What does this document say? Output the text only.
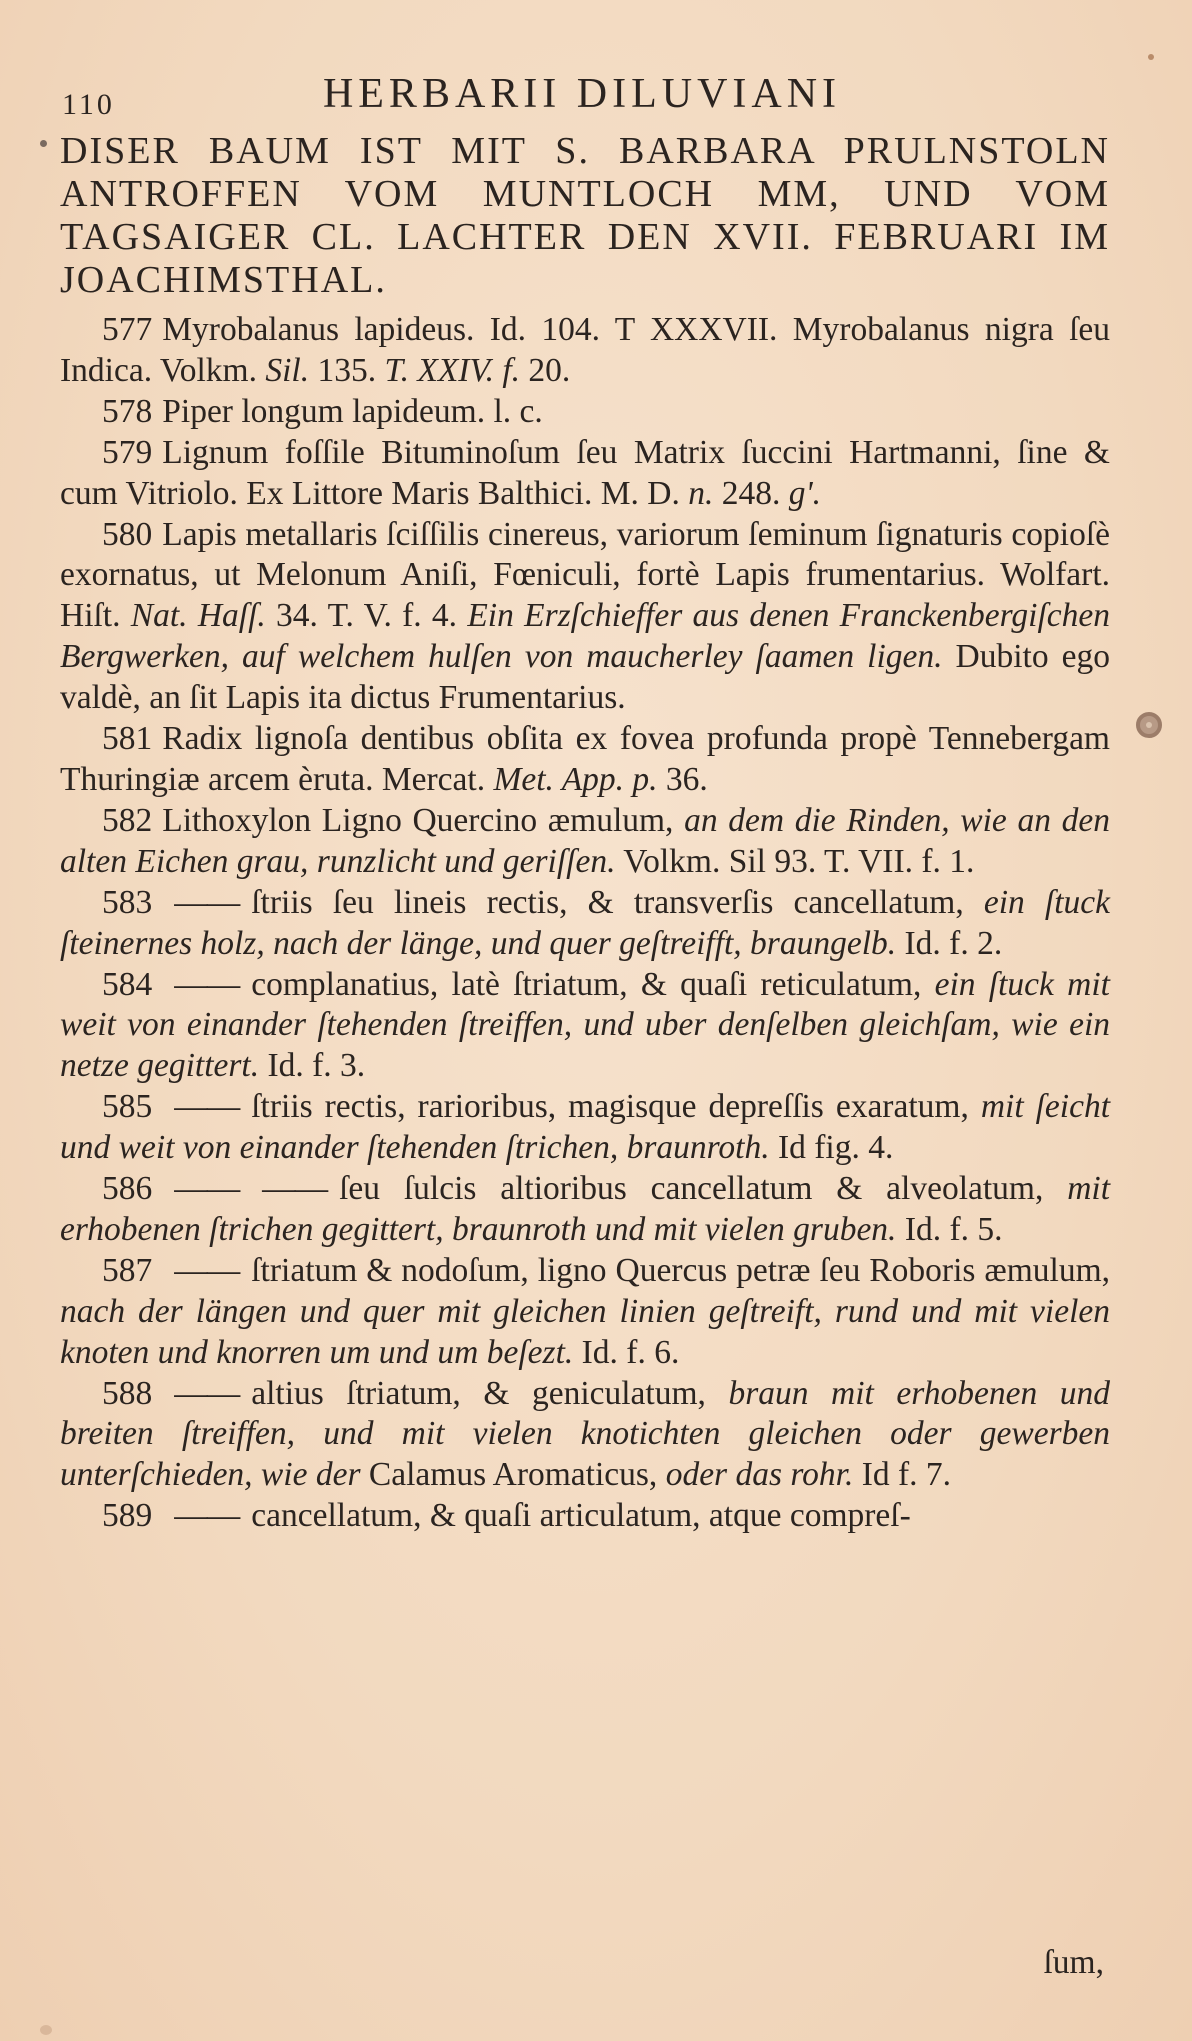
110	HERBARII DILUVIANI
DISER BAUM IST MIT S. BARBARA PRULNSTOLN ANTROFFEN VOM MUNTLOCH MM, UND VOM TAGSAIGER CL. LACHTER DEN XVII. FEBRUARI IM JOACHIMSTHAL.

577 Myrobalanus lapideus. Id. 104. T XXXVII. Myrobalanus nigra ſeu Indica. Volkm. Sil. 135. T. XXIV. f. 20.

578 Piper longum lapideum. l. c.

579 Lignum foſſile Bituminoſum ſeu Matrix ſuccini Hartmanni, ſine & cum Vitriolo. Ex Littore Maris Balthici. M. D. n. 248. g'.

580 Lapis metallaris ſciſſilis cinereus, variorum ſeminum ſignaturis copioſè exornatus, ut Melonum Aniſi, Fœniculi, fortè Lapis frumentarius. Wolfart. Hiſt. Nat. Haſſ. 34. T. V. f. 4. Ein Erzſchieffer aus denen Franckenbergiſchen Bergwerken, auf welchem hulſen von maucherley ſaamen ligen. Dubito ego valdè, an ſit Lapis ita dictus Frumentarius.

581 Radix lignoſa dentibus obſita ex fovea profunda propè Tennebergam Thuringiæ arcem èruta. Mercat. Met. App. p. 36.

582 Lithoxylon Ligno Quercino æmulum, an dem die Rinden, wie an den alten Eichen grau, runzlicht und geriſſen. Volkm. Sil 93. T. VII. f. 1.

583 —— ſtriis ſeu lineis rectis, & transverſis cancellatum, ein ſtuck ſteinernes holz, nach der länge, und quer geſtreifft, braungelb. Id. f. 2.

584 —— complanatius, latè ſtriatum, & quaſi reticulatum, ein ſtuck mit weit von einander ſtehenden ſtreiffen, und uber denſelben gleichſam, wie ein netze gegittert. Id. f. 3.

585 —— ſtriis rectis, rarioribus, magisque depreſſis exaratum, mit ſeicht und weit von einander ſtehenden ſtrichen, braunroth. Id fig. 4.

586 —— —— ſeu ſulcis altioribus cancellatum & alveolatum, mit erhobenen ſtrichen gegittert, braunroth und mit vielen gruben. Id. f. 5.

587 —— ſtriatum & nodoſum, ligno Quercus petræ ſeu Roboris æmulum, nach der längen und quer mit gleichen linien geſtreift, rund und mit vielen knoten und knorren um und um beſezt. Id. f. 6.

588 —— altius ſtriatum, & geniculatum, braun mit erhobenen und breiten ſtreiffen, und mit vielen knotichten gleichen oder gewerben unterſchieden, wie der Calamus Aromaticus, oder das rohr. Id f. 7.

589 —— cancellatum, & quaſi articulatum, atque compreſ-

ſum,
